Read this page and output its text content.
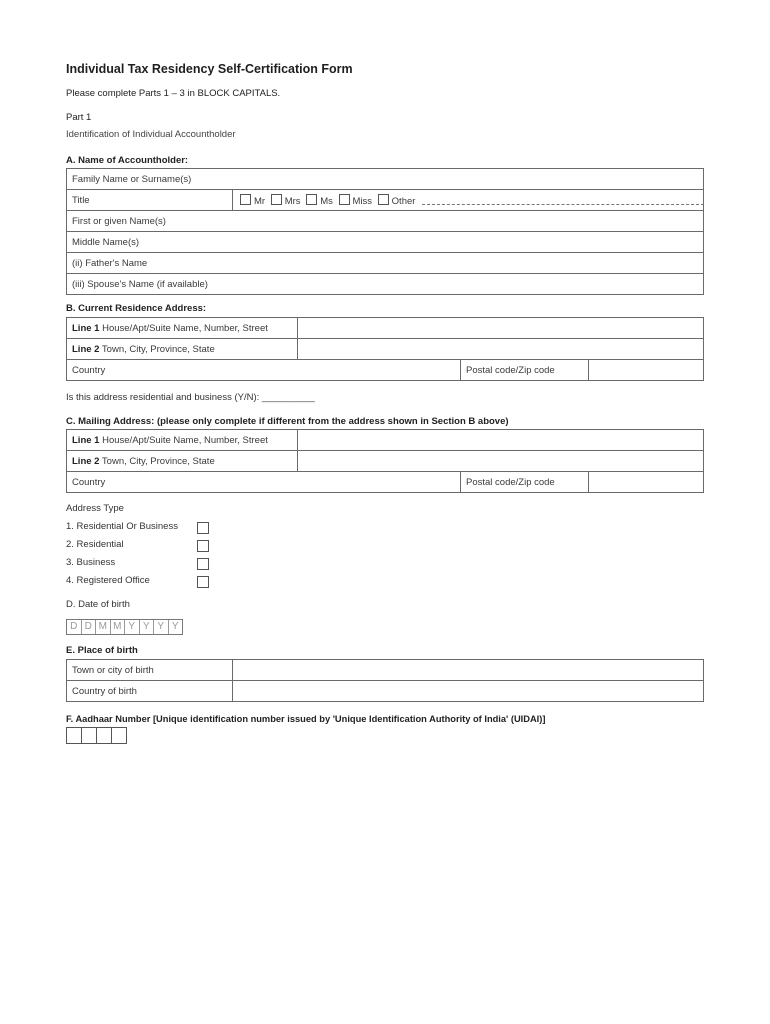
Individual Tax Residency Self-Certification Form
Please complete Parts 1 – 3 in BLOCK CAPITALS.
Part 1
Identification of Individual Accountholder
A. Name of Accountholder:
Family Name or Surname(s)
Title	Mr Mrs Ms Miss Other
First or given Name(s)
Middle Name(s)
(ii) Father's Name
(iii) Spouse's Name (if available)
B. Current Residence Address:
Line 1 House/Apt/Suite Name, Number, Street			
Line 2 Town, City, Province, State			
Country		Postal code/Zip code	
Is this address residential and business (Y/N): __________
C. Mailing Address: (please only complete if different from the address shown in Section B above)
Line 1 House/Apt/Suite Name, Number, Street			
Line 2 Town, City, Province, State			
Country		Postal code/Zip code	
Address Type
1. Residential Or Business
2. Residential
3. Business
4. Registered Office
D. Date of birth
D D M M Y Y Y Y
E. Place of birth
Town or city of birth	
Country of birth	
F. Aadhaar Number [Unique identification number issued by 'Unique Identification Authority of India' (UIDAI)]
